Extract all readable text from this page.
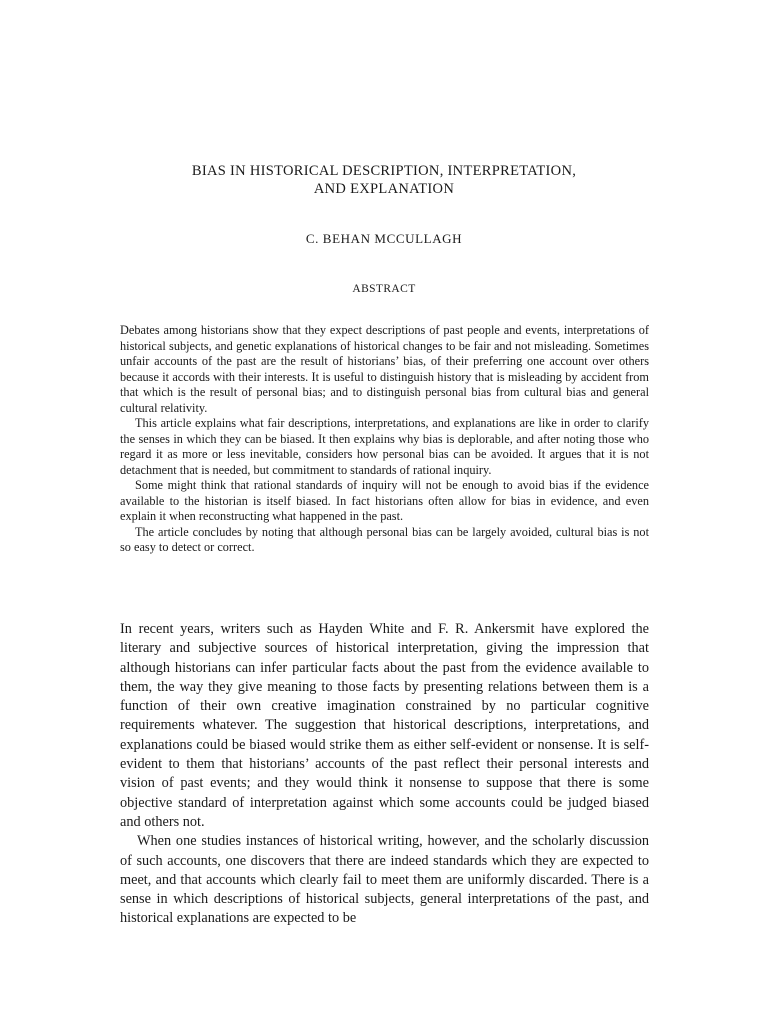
BIAS IN HISTORICAL DESCRIPTION, INTERPRETATION,
AND EXPLANATION
C. BEHAN MCCULLAGH
ABSTRACT

Debates among historians show that they expect descriptions of past people and events, interpretations of historical subjects, and genetic explanations of historical changes to be fair and not misleading. Sometimes unfair accounts of the past are the result of historians’ bias, of their preferring one account over others because it accords with their interests. It is useful to distinguish history that is misleading by accident from that which is the result of personal bias; and to distinguish personal bias from cultural bias and general cultural relativity.

This article explains what fair descriptions, interpretations, and explanations are like in order to clarify the senses in which they can be biased. It then explains why bias is deplorable, and after noting those who regard it as more or less inevitable, considers how personal bias can be avoided. It argues that it is not detachment that is needed, but commitment to standards of rational inquiry.

Some might think that rational standards of inquiry will not be enough to avoid bias if the evidence available to the historian is itself biased. In fact historians often allow for bias in evidence, and even explain it when reconstructing what happened in the past.

The article concludes by noting that although personal bias can be largely avoided, cultural bias is not so easy to detect or correct.

In recent years, writers such as Hayden White and F. R. Ankersmit have explored the literary and subjective sources of historical interpretation, giving the impression that although historians can infer particular facts about the past from the evidence available to them, the way they give meaning to those facts by presenting relations between them is a function of their own creative imagination constrained by no particular cognitive requirements whatever. The suggestion that historical descriptions, interpretations, and explanations could be biased would strike them as either self-evident or nonsense. It is self-evident to them that historians’ accounts of the past reflect their personal interests and vision of past events; and they would think it nonsense to suppose that there is some objective standard of interpretation against which some accounts could be judged biased and others not.

When one studies instances of historical writing, however, and the scholarly discussion of such accounts, one discovers that there are indeed standards which they are expected to meet, and that accounts which clearly fail to meet them are uniformly discarded. There is a sense in which descriptions of historical subjects, general interpretations of the past, and historical explanations are expected to be
